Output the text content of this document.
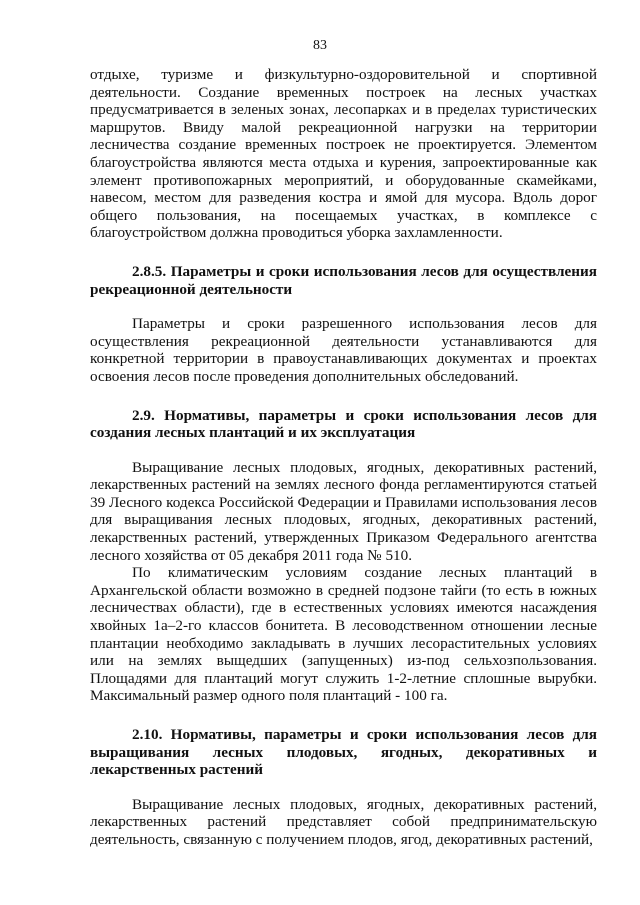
83

отдыхе, туризме и физкультурно-оздоровительной и спортивной деятельности. Создание временных построек на лесных участках предусматривается в зеленых зонах, лесопарках и в пределах туристических маршрутов. Ввиду малой рекреационной нагрузки на территории лесничества создание временных построек не проектируется. Элементом благоустройства являются места отдыха и курения, запроектированные как элемент противопожарных мероприятий, и оборудованные скамейками, навесом, местом для разведения костра и ямой для мусора. Вдоль дорог общего пользования, на посещаемых участках, в комплексе с благоустройством должна проводиться уборка захламленности.

2.8.5. Параметры и сроки использования лесов для осуществления рекреационной деятельности

Параметры и сроки разрешенного использования лесов для осуществления рекреационной деятельности устанавливаются для конкретной территории в правоустанавливающих документах и проектах освоения лесов после проведения дополнительных обследований.

2.9. Нормативы, параметры и сроки использования лесов для создания лесных плантаций и их эксплуатация

Выращивание лесных плодовых, ягодных, декоративных растений, лекарственных растений на землях лесного фонда регламентируются статьей 39 Лесного кодекса Российской Федерации и Правилами использования лесов для выращивания лесных плодовых, ягодных, декоративных растений, лекарственных растений, утвержденных Приказом Федерального агентства лесного хозяйства от 05 декабря 2011 года № 510.

По климатическим условиям создание лесных плантаций в Архангельской области возможно в средней подзоне тайги (то есть в южных лесничествах области), где в естественных условиях имеются насаждения хвойных 1а–2-го классов бонитета. В лесоводственном отношении лесные плантации необходимо закладывать в лучших лесорастительных условиях или на землях выщедших (запущенных) из-под сельхозпользования. Площадями для плантаций могут служить 1-2-летние сплошные вырубки. Максимальный размер одного поля плантаций - 100 га.

2.10. Нормативы, параметры и сроки использования лесов для выращивания лесных плодовых, ягодных, декоративных и лекарственных растений

Выращивание лесных плодовых, ягодных, декоративных растений, лекарственных растений представляет собой предпринимательскую деятельность, связанную с получением плодов, ягод, декоративных растений,
